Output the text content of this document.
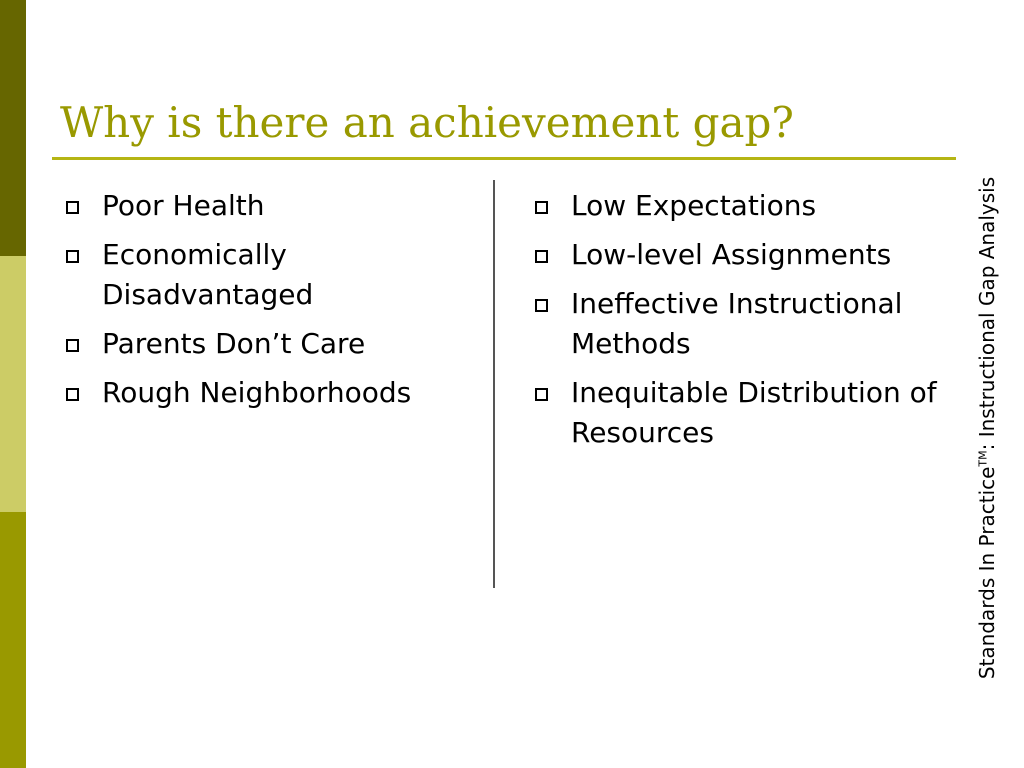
Why is there an achievement gap?
Poor Health
Economically Disadvantaged
Parents Don’t Care
Rough Neighborhoods
Low Expectations
Low-level Assignments
Ineffective Instructional Methods
Inequitable Distribution of Resources
Standards In Practice™: Instructional Gap Analysis
